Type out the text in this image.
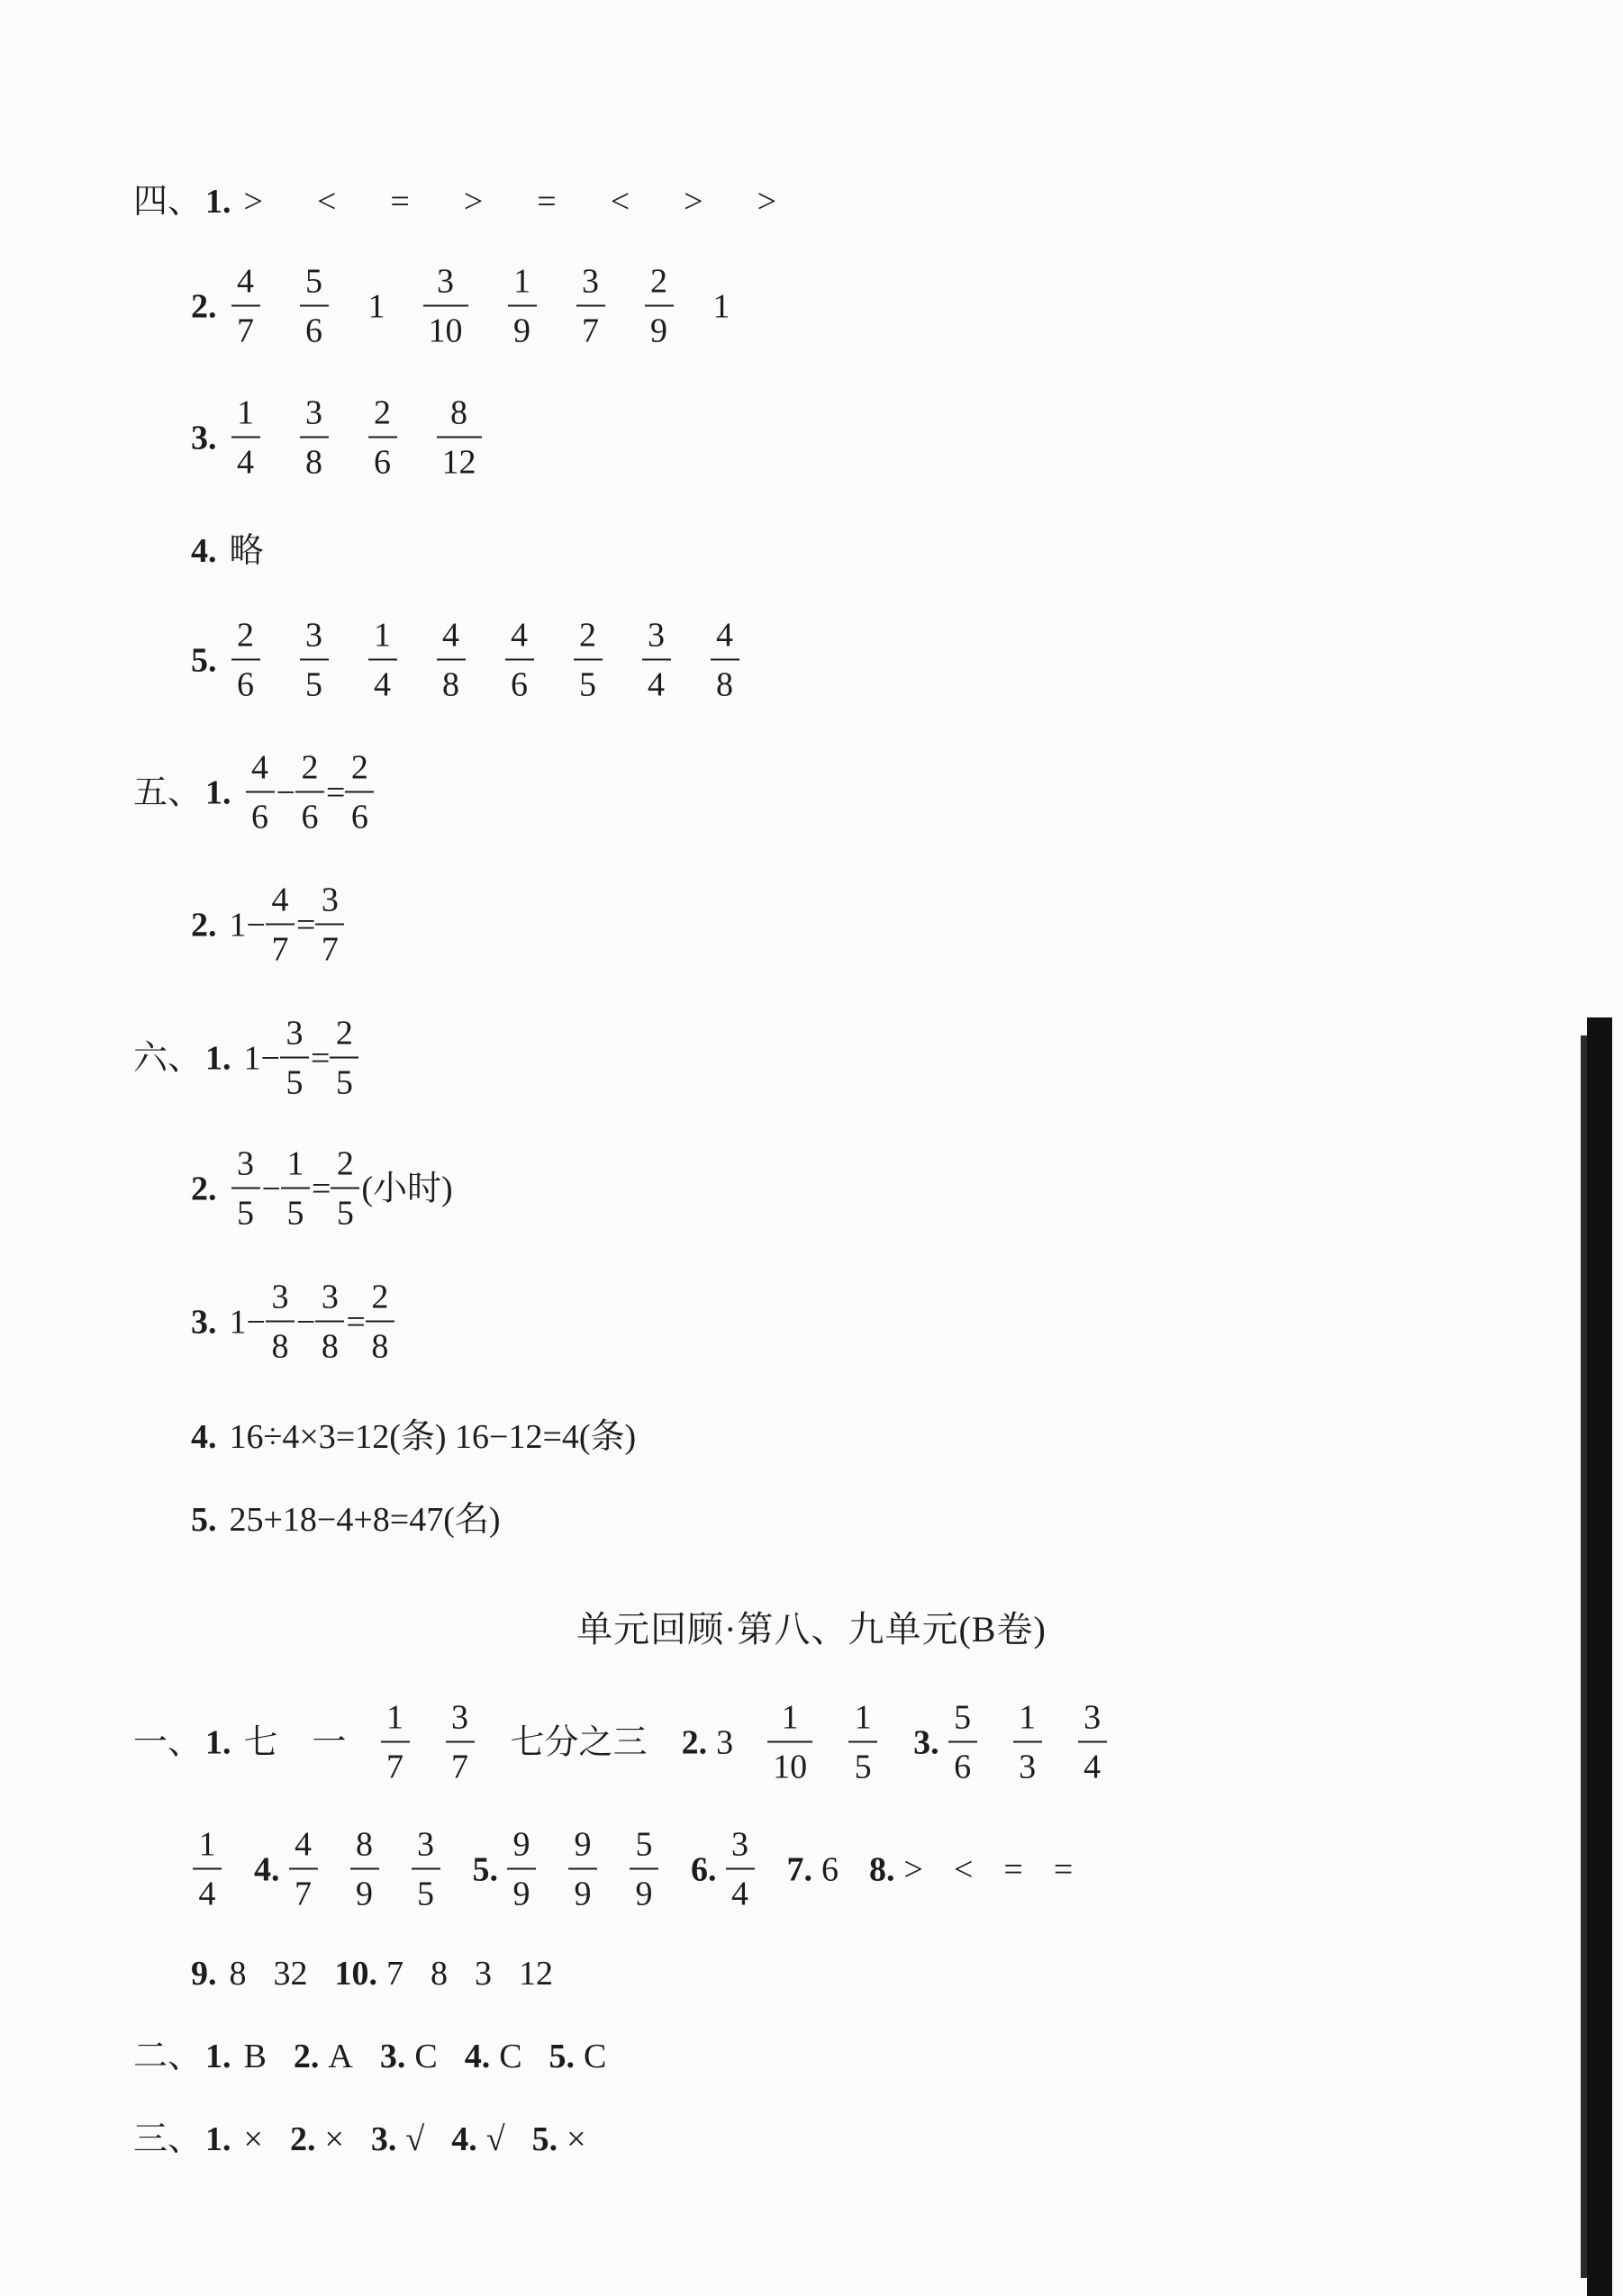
四、 1. > < = > = < > >
2. $\frac{4}{7} \frac{5}{6} 1 \frac{3}{10} \frac{1}{9} \frac{3}{7} \frac{2}{9} 1$
3. $\frac{1}{4} \frac{3}{8} \frac{2}{6} \frac{8}{12}$
4. 略
5. $\frac{2}{6} \frac{3}{5} \frac{1}{4} \frac{4}{8} \frac{4}{6} \frac{2}{5} \frac{3}{4} \frac{4}{8}$
五、 1. $\frac{4}{6} - \frac{2}{6} = \frac{2}{6}$
2. $1- \frac{4}{7} = \frac{3}{7}$
六、 1. $1- \frac{3}{5} = \frac{2}{5}$
2. $\frac{3}{5} - \frac{1}{5} = \frac{2}{5}$ (小时)
3. $1- \frac{3}{8} - \frac{3}{8} = \frac{2}{8}$
4. 16÷4×3=12(条) 16−12=4(条)
5. 25+18−4+8=47(名)
一、 1. 七 一 $\frac{1}{7} \frac{3}{7}$ 七分之三 2. $3 \frac{1}{10} \frac{1}{5} 3$. $\frac{5}{6} \frac{1}{3} \frac{3}{4}$
$\frac{1}{4} 4$. $\frac{4}{7} \frac{8}{9} \frac{3}{5} 5$. $\frac{9}{9} \frac{9}{9} \frac{5}{9} 6$. $\frac{3}{4} 7$. 6 8. > < = =
9. 8 32 10. 7 8 3 12
二、 1. B 2. A 3. C 4. C 5. C
三、 1. × 2. × 3. √ 4. √ 5. ×
单元回顾·第八、九单元(B卷)
